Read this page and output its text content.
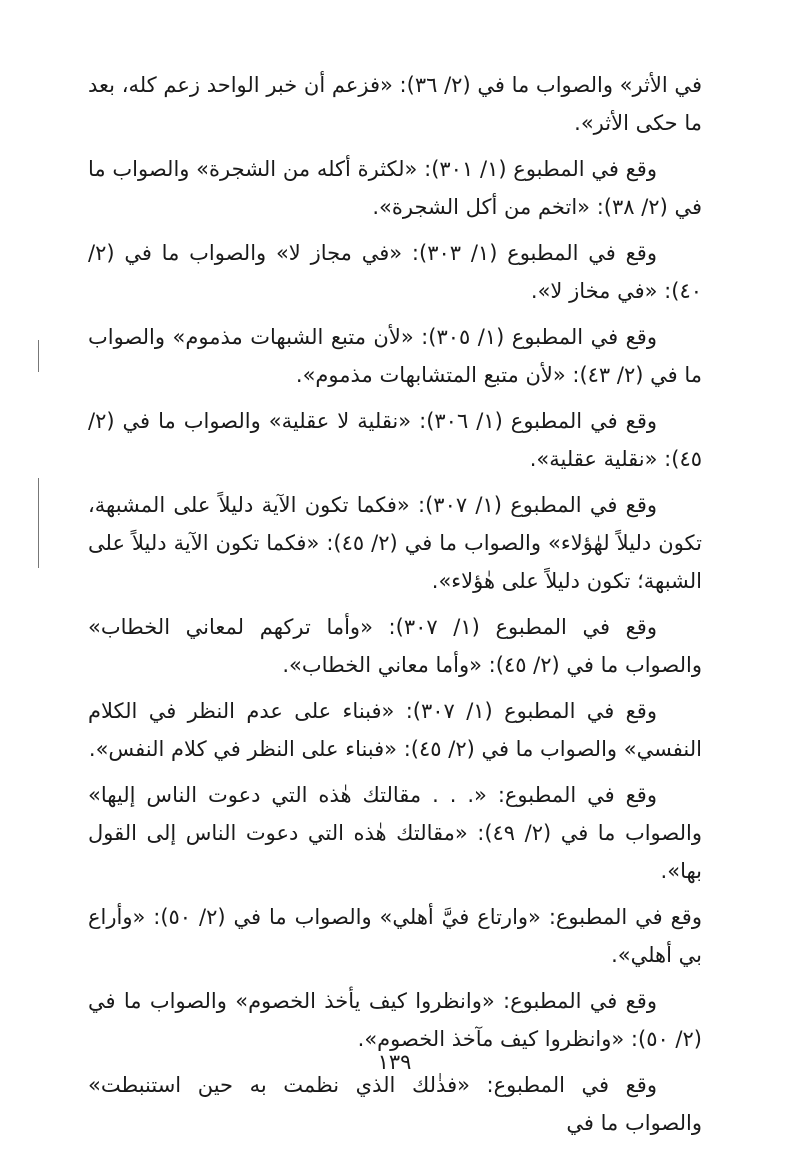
في الأثر» والصواب ما في (٢/ ٣٦): «فزعم أن خبر الواحد زعم كله، بعد ما حكى الأثر».

وقع في المطبوع (١/ ٣٠١): «لكثرة أكله من الشجرة» والصواب ما في (٢/ ٣٨): «اتخم من أكل الشجرة».

وقع في المطبوع (١/ ٣٠٣): «في مجاز لا» والصواب ما في (٢/ ٤٠): «في مخاز لا».

وقع في المطبوع (١/ ٣٠٥): «لأن متبع الشبهات مذموم» والصواب ما في (٢/ ٤٣): «لأن متبع المتشابهات مذموم».

وقع في المطبوع (١/ ٣٠٦): «نقلية لا عقلية» والصواب ما في (٢/ ٤٥): «نقلية عقلية».

وقع في المطبوع (١/ ٣٠٧): «فكما تكون الآية دليلاً على المشبهة، تكون دليلاً لهٰؤلاء» والصواب ما في (٢/ ٤٥): «فكما تكون الآية دليلاً على الشبهة؛ تكون دليلاً على هٰؤلاء».

وقع في المطبوع (١/ ٣٠٧): «وأما تركهم لمعاني الخطاب» والصواب ما في (٢/ ٤٥): «وأما معاني الخطاب».

وقع في المطبوع (١/ ٣٠٧): «فبناء على عدم النظر في الكلام النفسي» والصواب ما في (٢/ ٤٥): «فبناء على النظر في كلام النفس».

وقع في المطبوع: «. . . مقالتك هٰذه التي دعوت الناس إليها» والصواب ما في (٢/ ٤٩): «مقالتك هٰذه التي دعوت الناس إلى القول بها».

وقع في المطبوع: «وارتاع فيَّ أهلي» والصواب ما في (٢/ ٥٠): «وأراع بي أهلي».

وقع في المطبوع: «وانظروا كيف يأخذ الخصوم» والصواب ما في (٢/ ٥٠): «وانظروا كيف مآخذ الخصوم».

وقع في المطبوع: «فذٰلك الذي نظمت به حين استنبطت» والصواب ما في

١٣٩
